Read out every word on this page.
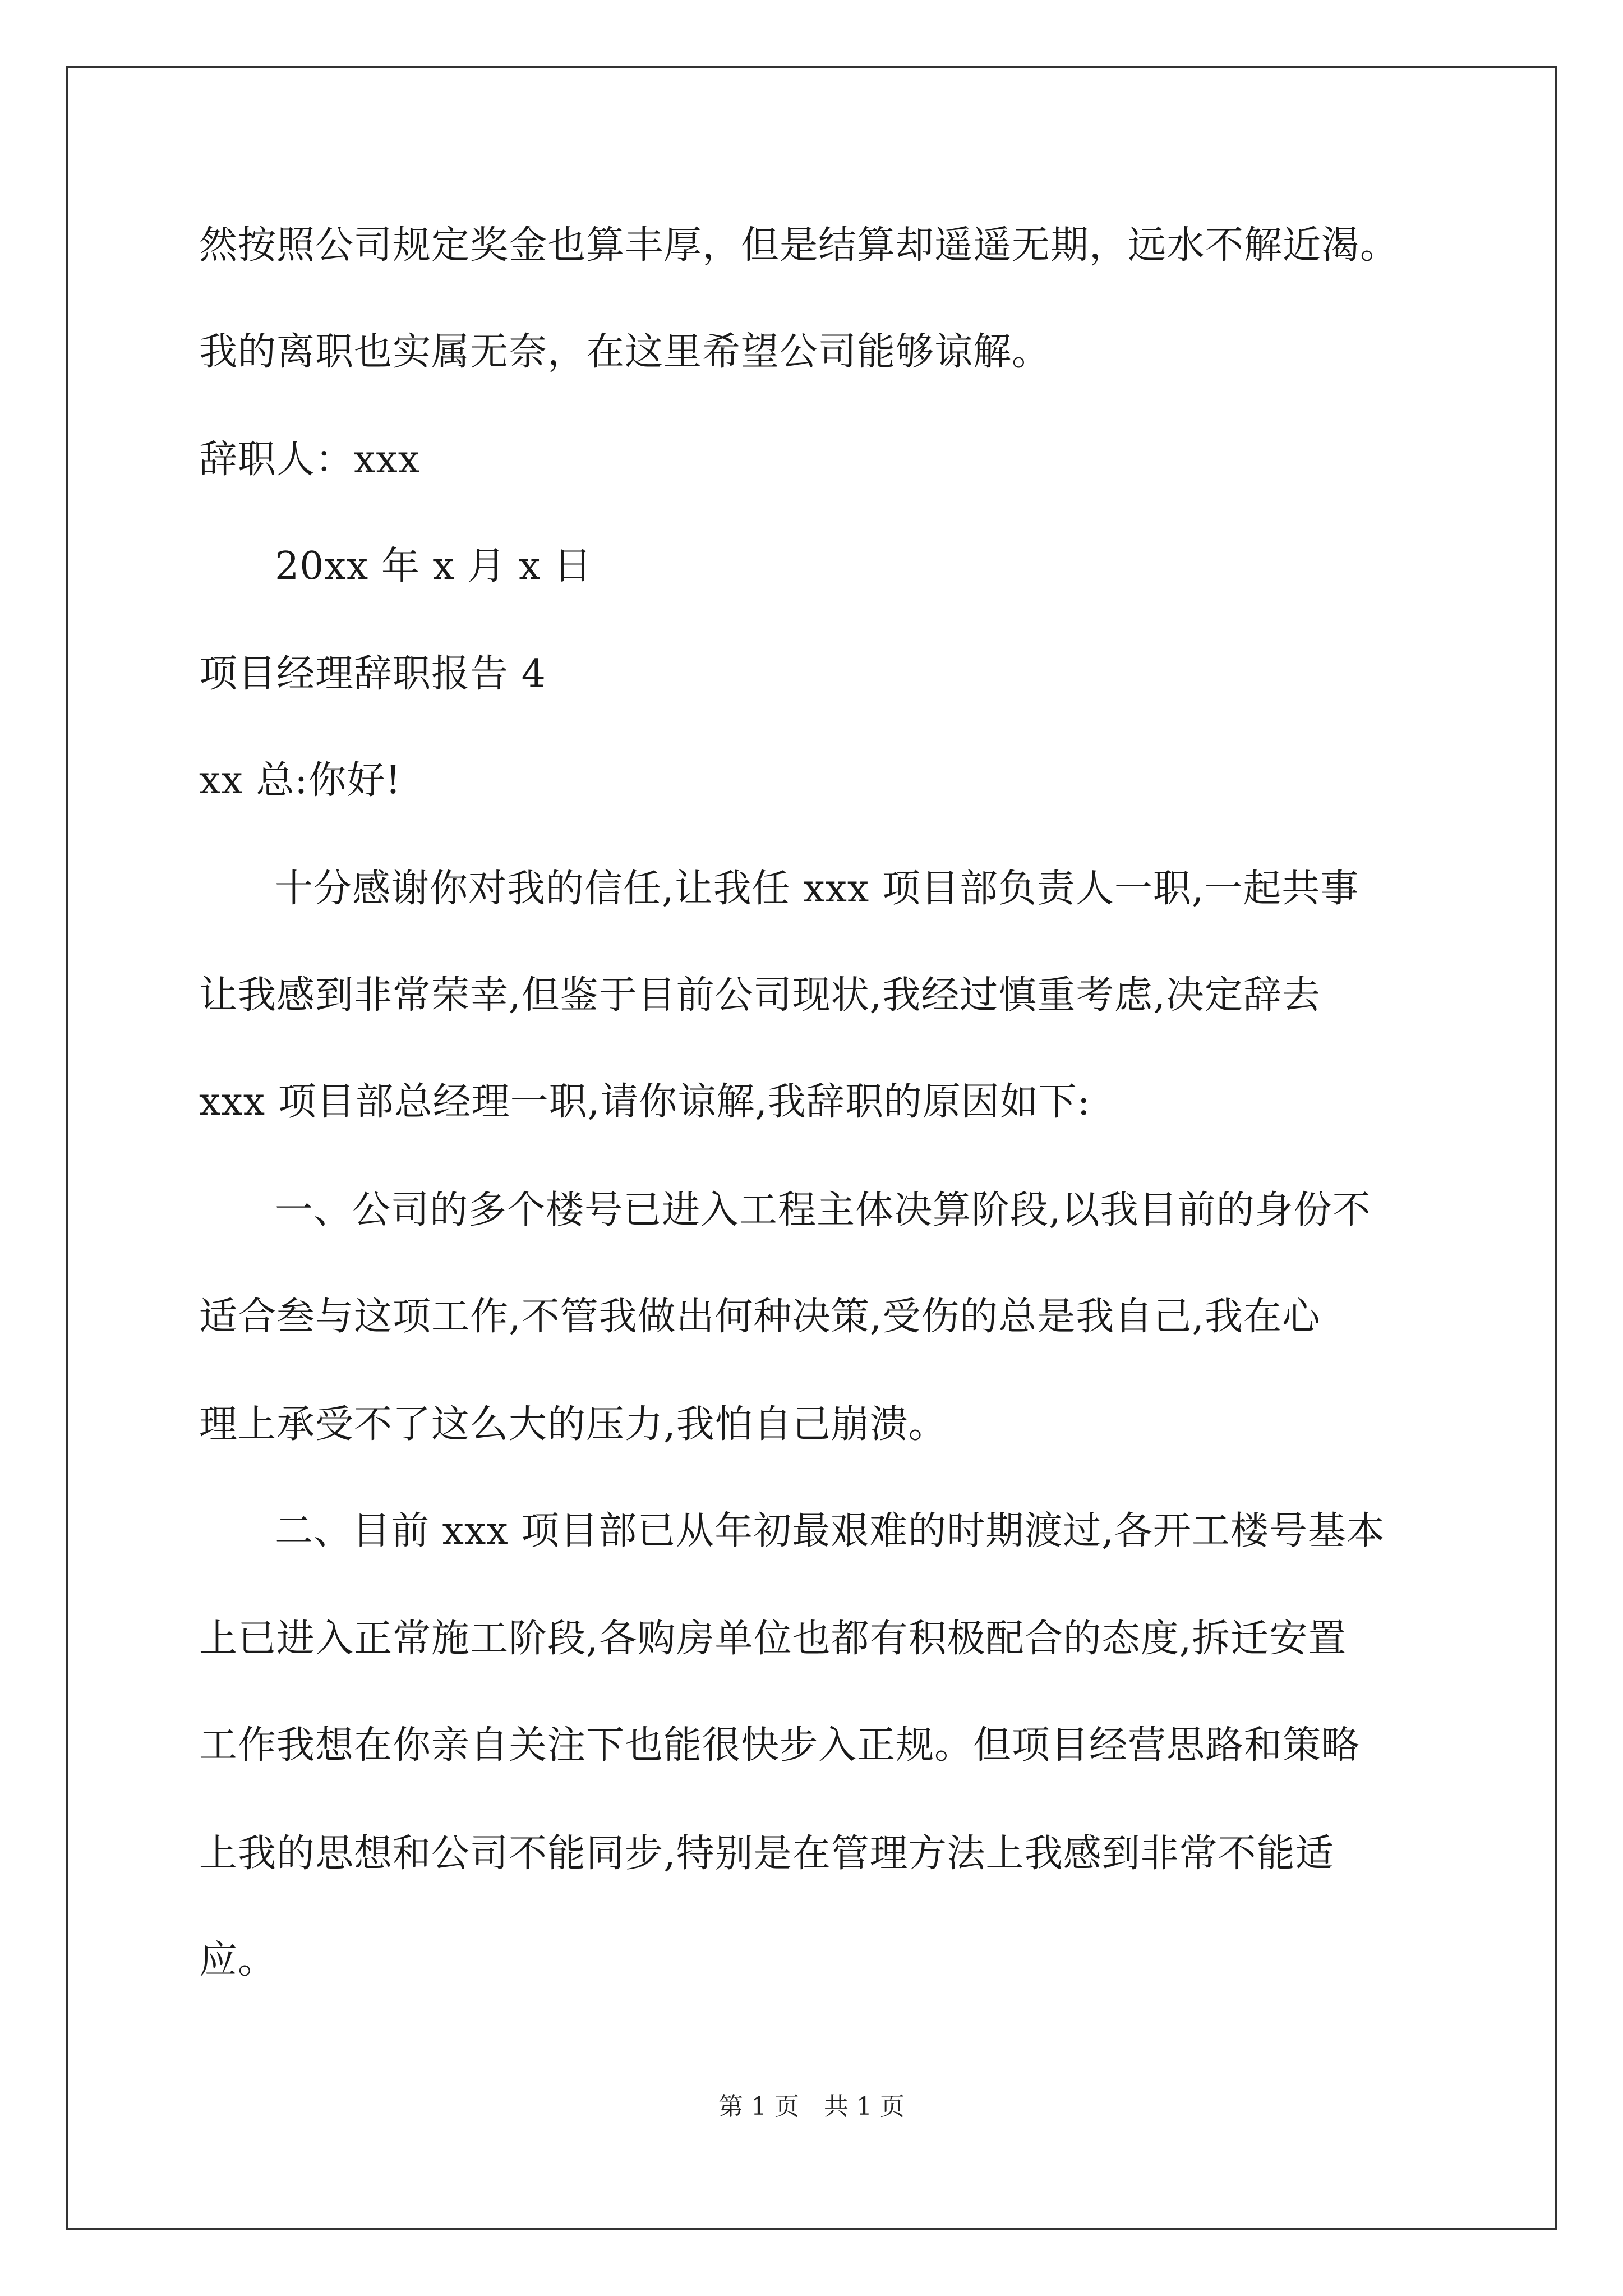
然按照公司规定奖金也算丰厚，但是结算却遥遥无期，远水不解近渴。

我的离职也实属无奈，在这里希望公司能够谅解。

辞职人：xxx

20xx 年 x 月 x 日

项目经理辞职报告 4

xx 总:你好!

十分感谢你对我的信任,让我任 xxx 项目部负责人一职,一起共事

让我感到非常荣幸,但鉴于目前公司现状,我经过慎重考虑,决定辞去

xxx 项目部总经理一职,请你谅解,我辞职的原因如下:

一、公司的多个楼号已进入工程主体决算阶段,以我目前的身份不

适合叁与这项工作,不管我做出何种决策,受伤的总是我自己,我在心

理上承受不了这么大的压力,我怕自己崩溃。

二、目前 xxx 项目部已从年初最艰难的时期渡过,各开工楼号基本

上已进入正常施工阶段,各购房单位也都有积极配合的态度,拆迁安置

工作我想在你亲自关注下也能很快步入正规。但项目经营思路和策略

上我的思想和公司不能同步,特别是在管理方法上我感到非常不能适

应。

第 1 页　共 1 页
